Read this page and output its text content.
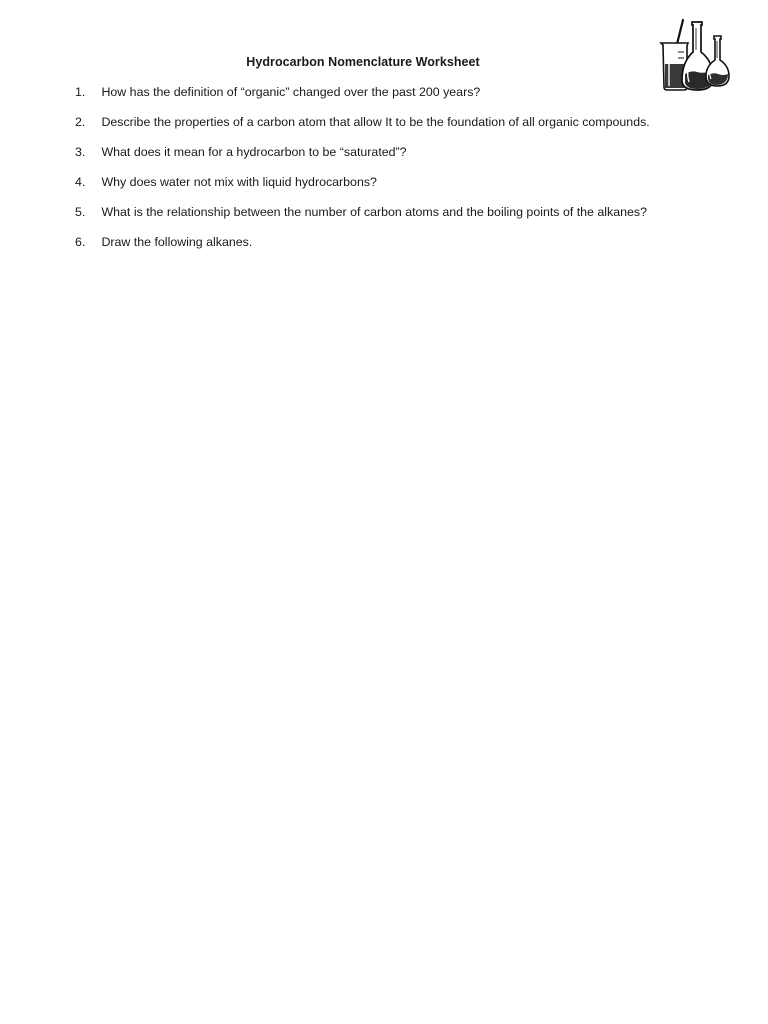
Hydrocarbon Nomenclature Worksheet
1. How has the definition of “organic” changed over the past 200 years?
2. Describe the properties of a carbon atom that allow It to be the foundation of all organic compounds.
3. What does it mean for a hydrocarbon to be “saturated”?
4. Why does water not mix with liquid hydrocarbons?
5. What is the relationship between the number of carbon atoms and the boiling points of the alkanes?
6. Draw the following alkanes.
